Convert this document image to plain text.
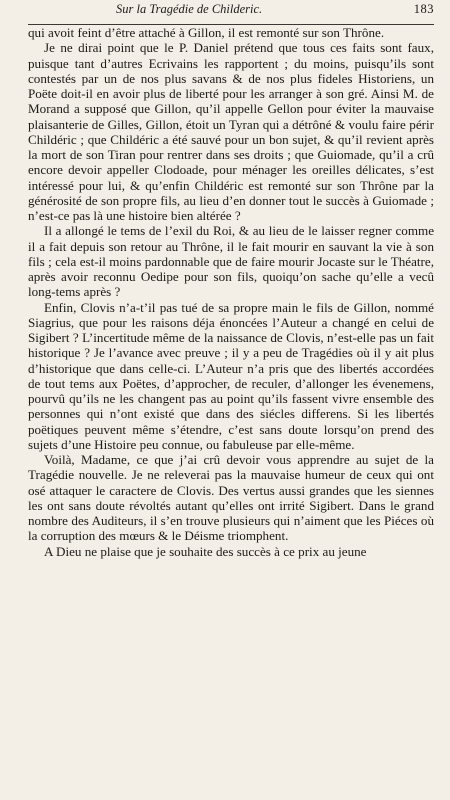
Sur la Tragédie de Childeric.	183

qui avoit feint d’être attaché à Gillon, il est remonté sur son Thrône.

Je ne dirai point que le P. Daniel prétend que tous ces faits sont faux, puisque tant d’autres Ecrivains les rapportent ; du moins, puisqu’ils sont contestés par un de nos plus savans & de nos plus fideles Historiens, un Poëte doit-il en avoir plus de liberté pour les arranger à son gré. Ainsi M. de Morand a supposé que Gillon, qu’il appelle Gellon pour éviter la mauvaise plaisanterie de Gilles, Gillon, étoit un Tyran qui a détrôné & voulu faire périr Childéric ; que Childéric a été sauvé pour un bon sujet, & qu’il revient après la mort de son Tiran pour rentrer dans ses droits ; que Guiomade, qu’il a crû encore devoir appeller Clodoade, pour ménager les oreilles délicates, s’est intéressé pour lui, & qu’enfin Childéric est remonté sur son Thrône par la générosité de son propre fils, au lieu d’en donner tout le succès à Guiomade ; n’est-ce pas là une histoire bien altérée ?

Il a allongé le tems de l’exil du Roi, & au lieu de le laisser regner comme il a fait depuis son retour au Thrône, il le fait mourir en sauvant la vie à son fils ; cela est-il moins pardonnable que de faire mourir Jocaste sur le Théatre, après avoir reconnu Oedipe pour son fils, quoiqu’on sache qu’elle a vecû long-tems après ?

Enfin, Clovis n’a-t’il pas tué de sa propre main le fils de Gillon, nommé Siagrius, que pour les raisons déja énoncées l’Auteur a changé en celui de Sigibert ? L’incertitude même de la naissance de Clovis, n’est-elle pas un fait historique ? Je l’avance avec preuve ; il y a peu de Tragédies où il y ait plus d’historique que dans celle-ci. L’Auteur n’a pris que des libertés accordées de tout tems aux Poëtes, d’approcher, de reculer, d’allonger les évenemens, pourvû qu’ils ne les changent pas au point qu’ils fassent vivre ensemble des personnes qui n’ont existé que dans des siécles differens. Si les libertés poëtiques peuvent même s’étendre, c’est sans doute lorsqu’on prend des sujets d’une Histoire peu connue, ou fabuleuse par elle-même.

Voilà, Madame, ce que j’ai crû devoir vous apprendre au sujet de la Tragédie nouvelle. Je ne releverai pas la mauvaise humeur de ceux qui ont osé attaquer le caractere de Clovis. Des vertus aussi grandes que les siennes les ont sans doute révoltés autant qu’elles ont irrité Sigibert. Dans le grand nombre des Auditeurs, il s’en trouve plusieurs qui n’aiment que les Piéces où la corruption des mœurs & le Déisme triomphent.

A Dieu ne plaise que je souhaite des succès à ce prix au jeune
